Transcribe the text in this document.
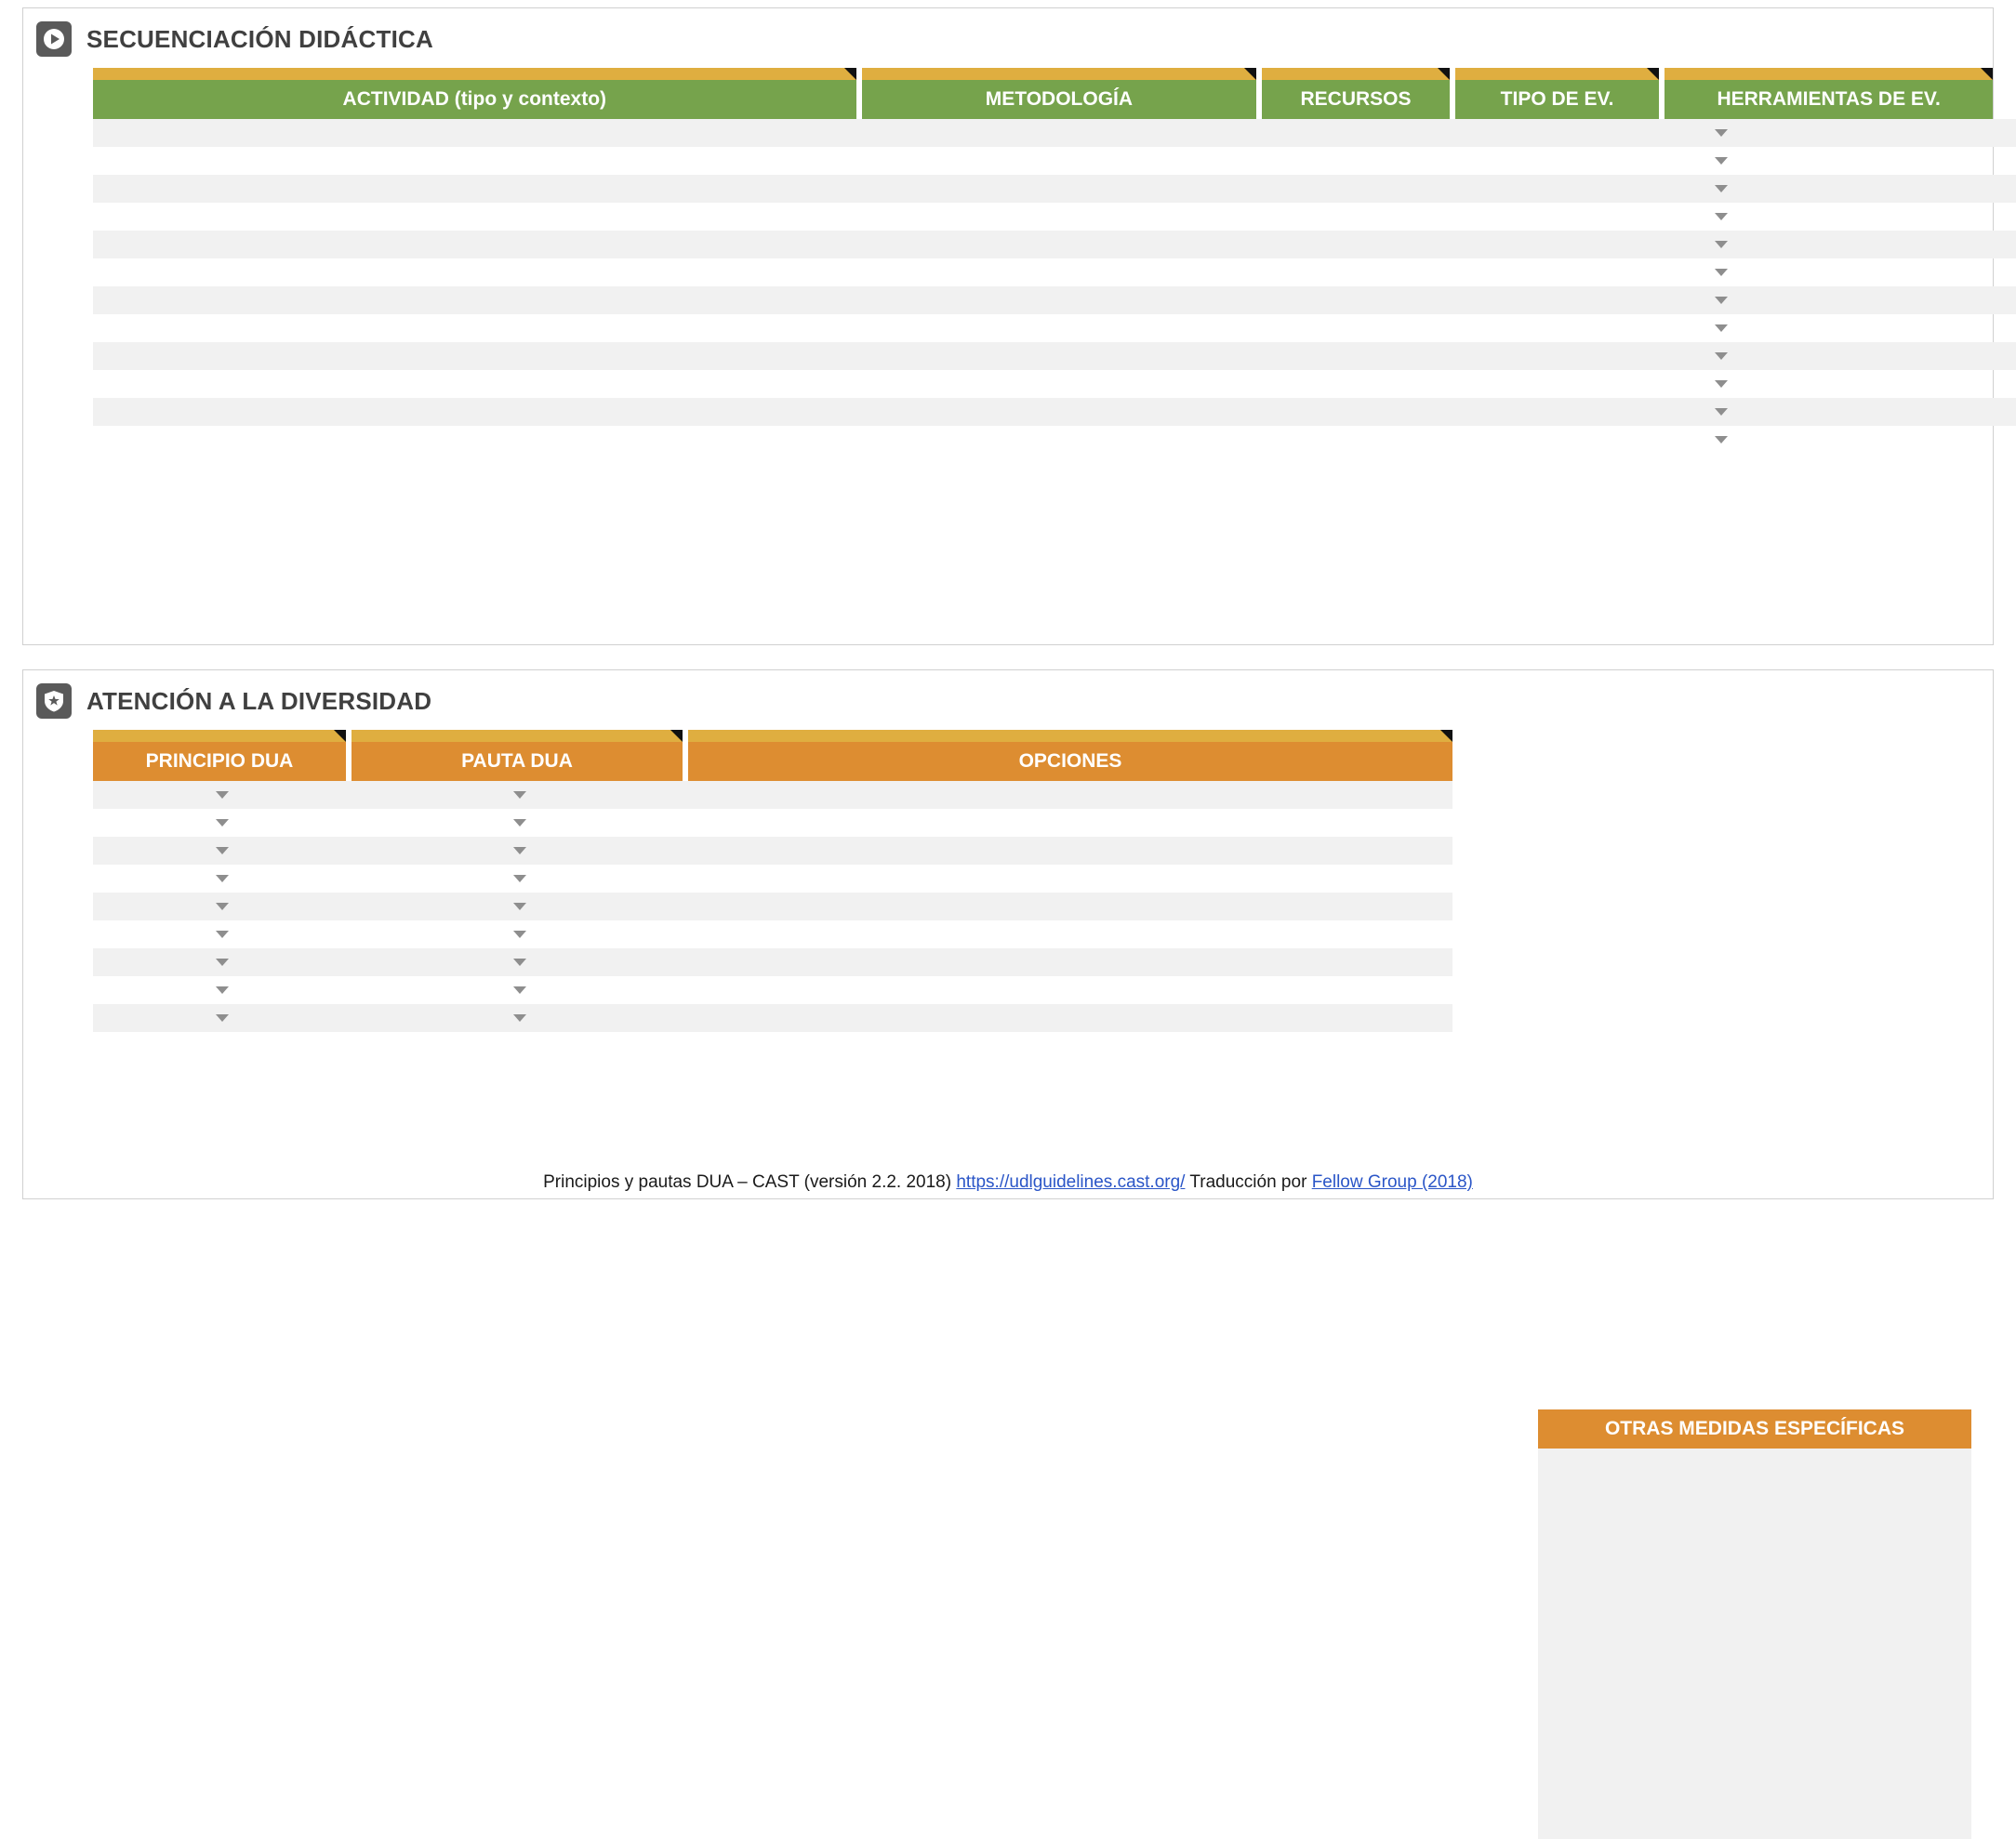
SECUENCIACIÓN DIDÁCTICA
ACTIVIDAD (tipo y contexto)	METODOLOGÍA	RECURSOS	TIPO DE EV.	HERRAMIENTAS DE EV.
ATENCIÓN A LA DIVERSIDAD
PRINCIPIO DUA	PAUTA DUA	OPCIONES
OTRAS MEDIDAS ESPECÍFICAS
Principios y pautas DUA – CAST (versión 2.2. 2018) https://udlguidelines.cast.org/ Traducción por Fellow Group (2018)
